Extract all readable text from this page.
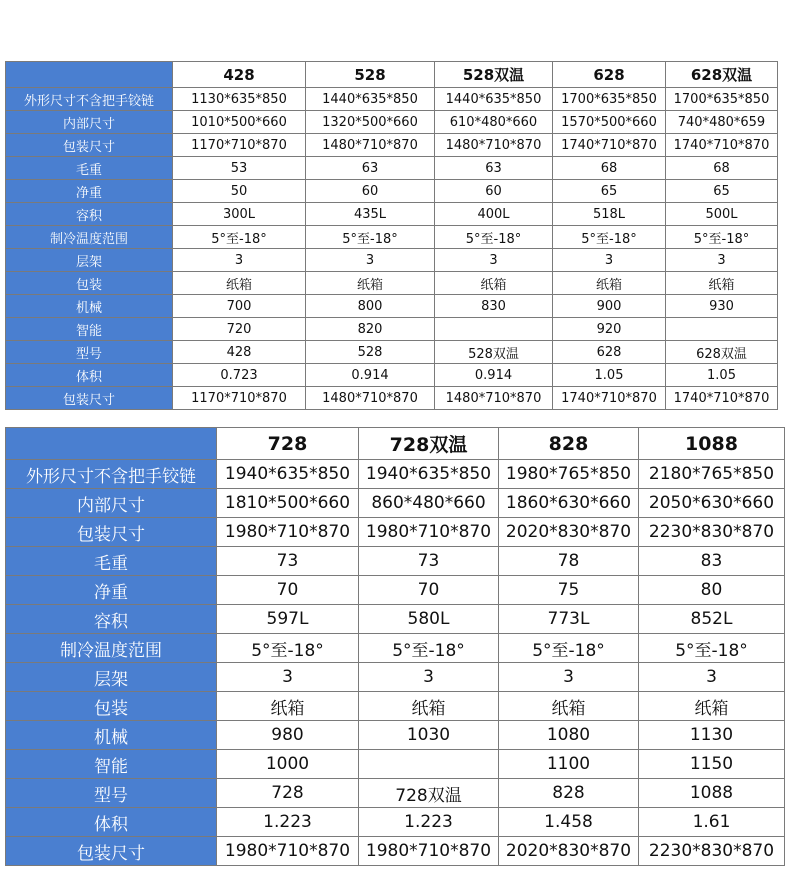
	428	528	528双温	628	628双温
外形尺寸不含把手铰链	1130*635*850	1440*635*850	1440*635*850	1700*635*850	1700*635*850
内部尺寸	1010*500*660	1320*500*660	610*480*660	1570*500*660	740*480*659
包装尺寸	1170*710*870	1480*710*870	1480*710*870	1740*710*870	1740*710*870
毛重	53	63	63	68	68
净重	50	60	60	65	65
容积	300L	435L	400L	518L	500L
制冷温度范围	5°至-18°	5°至-18°	5°至-18°	5°至-18°	5°至-18°
层架	3	3	3	3	3
包装	纸箱	纸箱	纸箱	纸箱	纸箱
机械	700	800	830	900	930
智能	720	820		920	
型号	428	528	528双温	628	628双温
体积	0.723	0.914	0.914	1.05	1.05
包装尺寸	1170*710*870	1480*710*870	1480*710*870	1740*710*870	1740*710*870
	728	728双温	828	1088
外形尺寸不含把手铰链	1940*635*850	1940*635*850	1980*765*850	2180*765*850
内部尺寸	1810*500*660	860*480*660	1860*630*660	2050*630*660
包装尺寸	1980*710*870	1980*710*870	2020*830*870	2230*830*870
毛重	73	73	78	83
净重	70	70	75	80
容积	597L	580L	773L	852L
制冷温度范围	5°至-18°	5°至-18°	5°至-18°	5°至-18°
层架	3	3	3	3
包装	纸箱	纸箱	纸箱	纸箱
机械	980	1030	1080	1130
智能	1000		1100	1150
型号	728	728双温	828	1088
体积	1.223	1.223	1.458	1.61
包装尺寸	1980*710*870	1980*710*870	2020*830*870	2230*830*870
